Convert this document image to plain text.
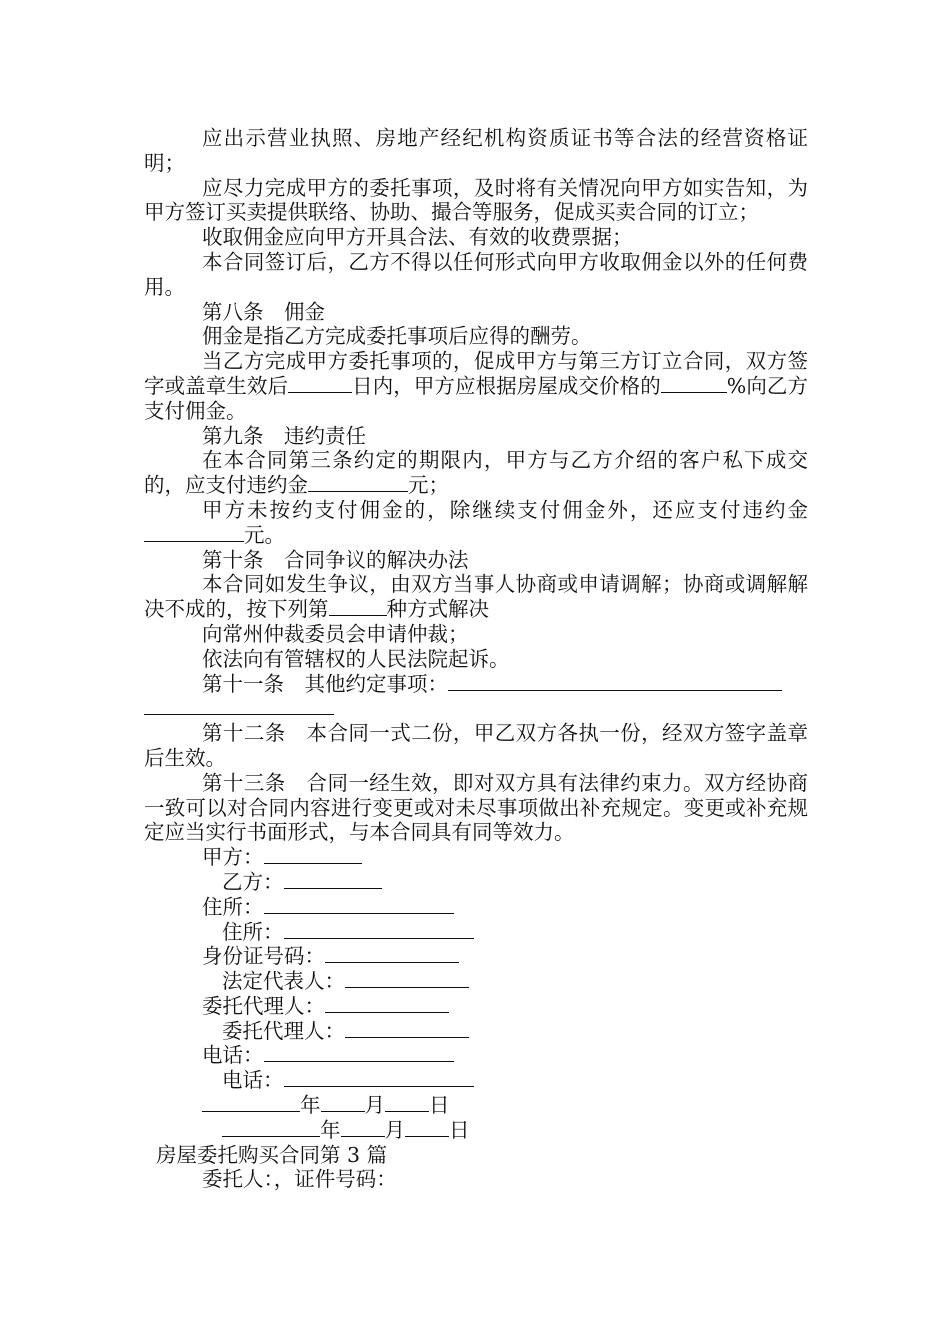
应出示营业执照、房地产经纪机构资质证书等合法的经营资格证明；

应尽力完成甲方的委托事项，及时将有关情况向甲方如实告知，为甲方签订买卖提供联络、协助、撮合等服务，促成买卖合同的订立；

收取佣金应向甲方开具合法、有效的收费票据；

本合同签订后，乙方不得以任何形式向甲方收取佣金以外的任何费用。

第八条　佣金

佣金是指乙方完成委托事项后应得的酬劳。

当乙方完成甲方委托事项的，促成甲方与第三方订立合同，双方签字或盖章生效后	日内，甲方应根据房屋成交价格的	%向乙方支付佣金。

第九条　违约责任

在本合同第三条约定的期限内，甲方与乙方介绍的客户私下成交的，应支付违约金	元；

甲方未按约支付佣金的，除继续支付佣金外，还应支付违约金元。

第十条　合同争议的解决办法

本合同如发生争议，由双方当事人协商或申请调解；协商或调解解决不成的，按下列第	种方式解决

向常州仲裁委员会申请仲裁；

依法向有管辖权的人民法院起诉。

第十一条　其他约定事项：

第十二条　本合同一式二份，甲乙双方各执一份，经双方签字盖章后生效。

第十三条　合同一经生效，即对双方具有法律约束力。双方经协商一致可以对合同内容进行变更或对未尽事项做出补充规定。变更或补充规定应当实行书面形式，与本合同具有同等效力。

甲方：

乙方：

住所：

住所：

身份证号码：

法定代表人：

委托代理人：

委托代理人：

电话：

电话：

年 月 日

年 月 日

房屋委托购买合同第 3 篇

委托人：，证件号码：
